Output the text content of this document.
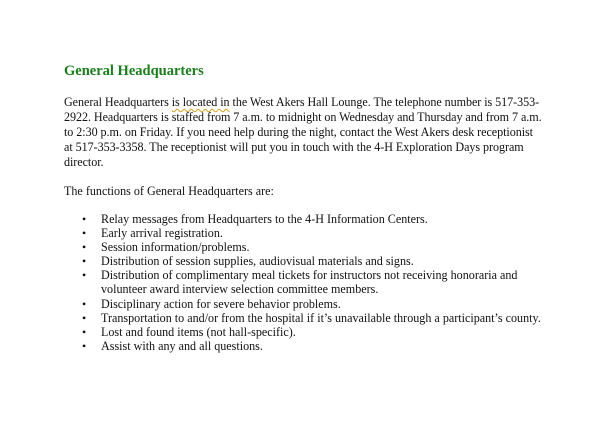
General Headquarters

General Headquarters is located in the West Akers Hall Lounge. The telephone number is 517-353-2922. Headquarters is staffed from 7 a.m. to midnight on Wednesday and Thursday and from 7 a.m. to 2:30 p.m. on Friday. If you need help during the night, contact the West Akers desk receptionist at 517-353-3358. The receptionist will put you in touch with the 4-H Exploration Days program director.

The functions of General Headquarters are:

• Relay messages from Headquarters to the 4-H Information Centers.
• Early arrival registration.
• Session information/problems.
• Distribution of session supplies, audiovisual materials and signs.
• Distribution of complimentary meal tickets for instructors not receiving honoraria and volunteer award interview selection committee members.
• Disciplinary action for severe behavior problems.
• Transportation to and/or from the hospital if it’s unavailable through a participant’s county.
• Lost and found items (not hall-specific).
• Assist with any and all questions.
